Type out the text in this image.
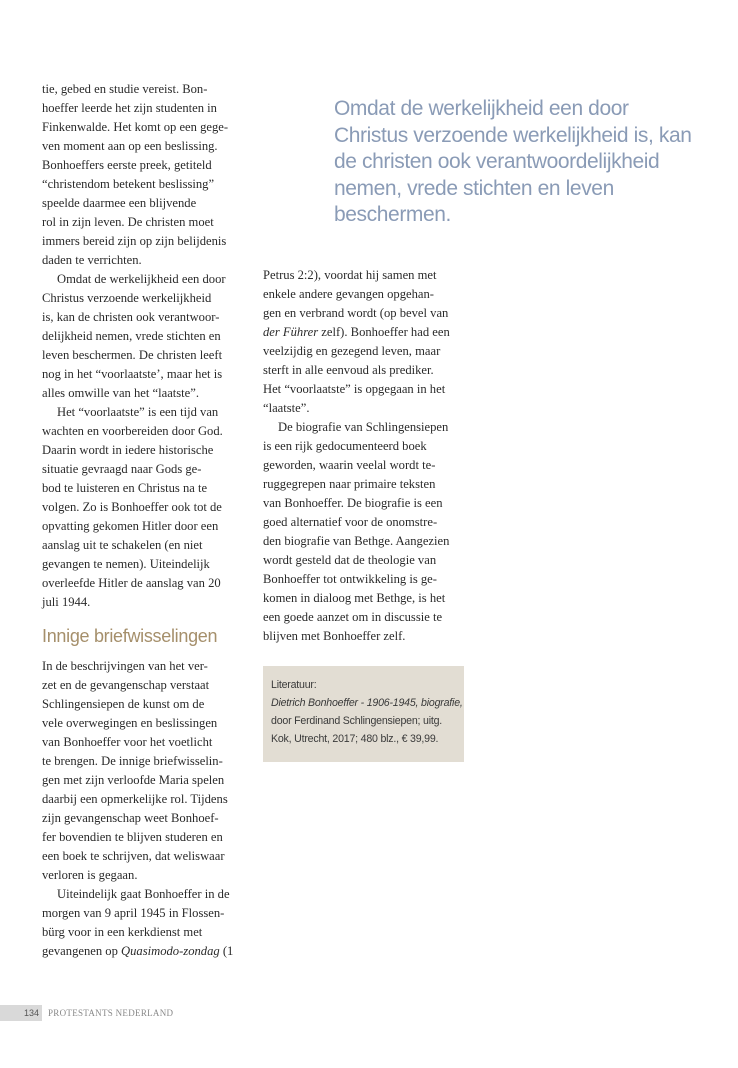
tie, gebed en studie vereist. Bon-
hoeffer leerde het zijn studenten in
Finkenwalde. Het komt op een gege-
ven moment aan op een beslissing.
Bonhoeffers eerste preek, getiteld
“christendom betekent beslissing”
speelde daarmee een blijvende
rol in zijn leven. De christen moet
immers bereid zijn op zijn belijdenis
daden te verrichten.
Omdat de werkelijkheid een door
Christus verzoende werkelijkheid
is, kan de christen ook verantwoor-
delijkheid nemen, vrede stichten en
leven beschermen. De christen leeft
nog in het “voorlaatste’, maar het is
alles omwille van het “laatste”.
Het “voorlaatste” is een tijd van
wachten en voorbereiden door God.
Daarin wordt in iedere historische
situatie gevraagd naar Gods ge-
bod te luisteren en Christus na te
volgen. Zo is Bonhoeffer ook tot de
opvatting gekomen Hitler door een
aanslag uit te schakelen (en niet
gevangen te nemen). Uiteindelijk
overleefde Hitler de aanslag van 20
juli 1944.
Innige briefwisselingen
In de beschrijvingen van het ver-
zet en de gevangenschap verstaat
Schlingensiepen de kunst om de
vele overwegingen en beslissingen
van Bonhoeffer voor het voetlicht
te brengen. De innige briefwisselin-
gen met zijn verloofde Maria spelen
daarbij een opmerkelijke rol. Tijdens
zijn gevangenschap weet Bonhoef-
fer bovendien te blijven studeren en
een boek te schrijven, dat weliswaar
verloren is gegaan.
Uiteindelijk gaat Bonhoeffer in de
morgen van 9 april 1945 in Flossen-
bürg voor in een kerkdienst met
gevangenen op Quasimodo-zondag (1
Omdat de werkelijkheid een door
Christus verzoende werkelijkheid is, kan
de christen ook verantwoordelijkheid
nemen, vrede stichten en leven
beschermen.
Petrus 2:2), voordat hij samen met
enkele andere gevangen opgehan-
gen en verbrand wordt (op bevel van
der Führer zelf). Bonhoeffer had een
veelzijdig en gezegend leven, maar
sterft in alle eenvoud als prediker.
Het “voorlaatste” is opgegaan in het
“laatste”.
De biografie van Schlingensiepen
is een rijk gedocumenteerd boek
geworden, waarin veelal wordt te-
ruggegrepen naar primaire teksten
van Bonhoeffer. De biografie is een
goed alternatief voor de onomstre-
den biografie van Bethge. Aangezien
wordt gesteld dat de theologie van
Bonhoeffer tot ontwikkeling is ge-
komen in dialoog met Bethge, is het
een goede aanzet om in discussie te
blijven met Bonhoeffer zelf.
Literatuur:
Dietrich Bonhoeffer - 1906-1945, biografie,
door Ferdinand Schlingensiepen; uitg.
Kok, Utrecht, 2017; 480 blz., € 39,99.
134	PROTESTANTS NEDERLAND
